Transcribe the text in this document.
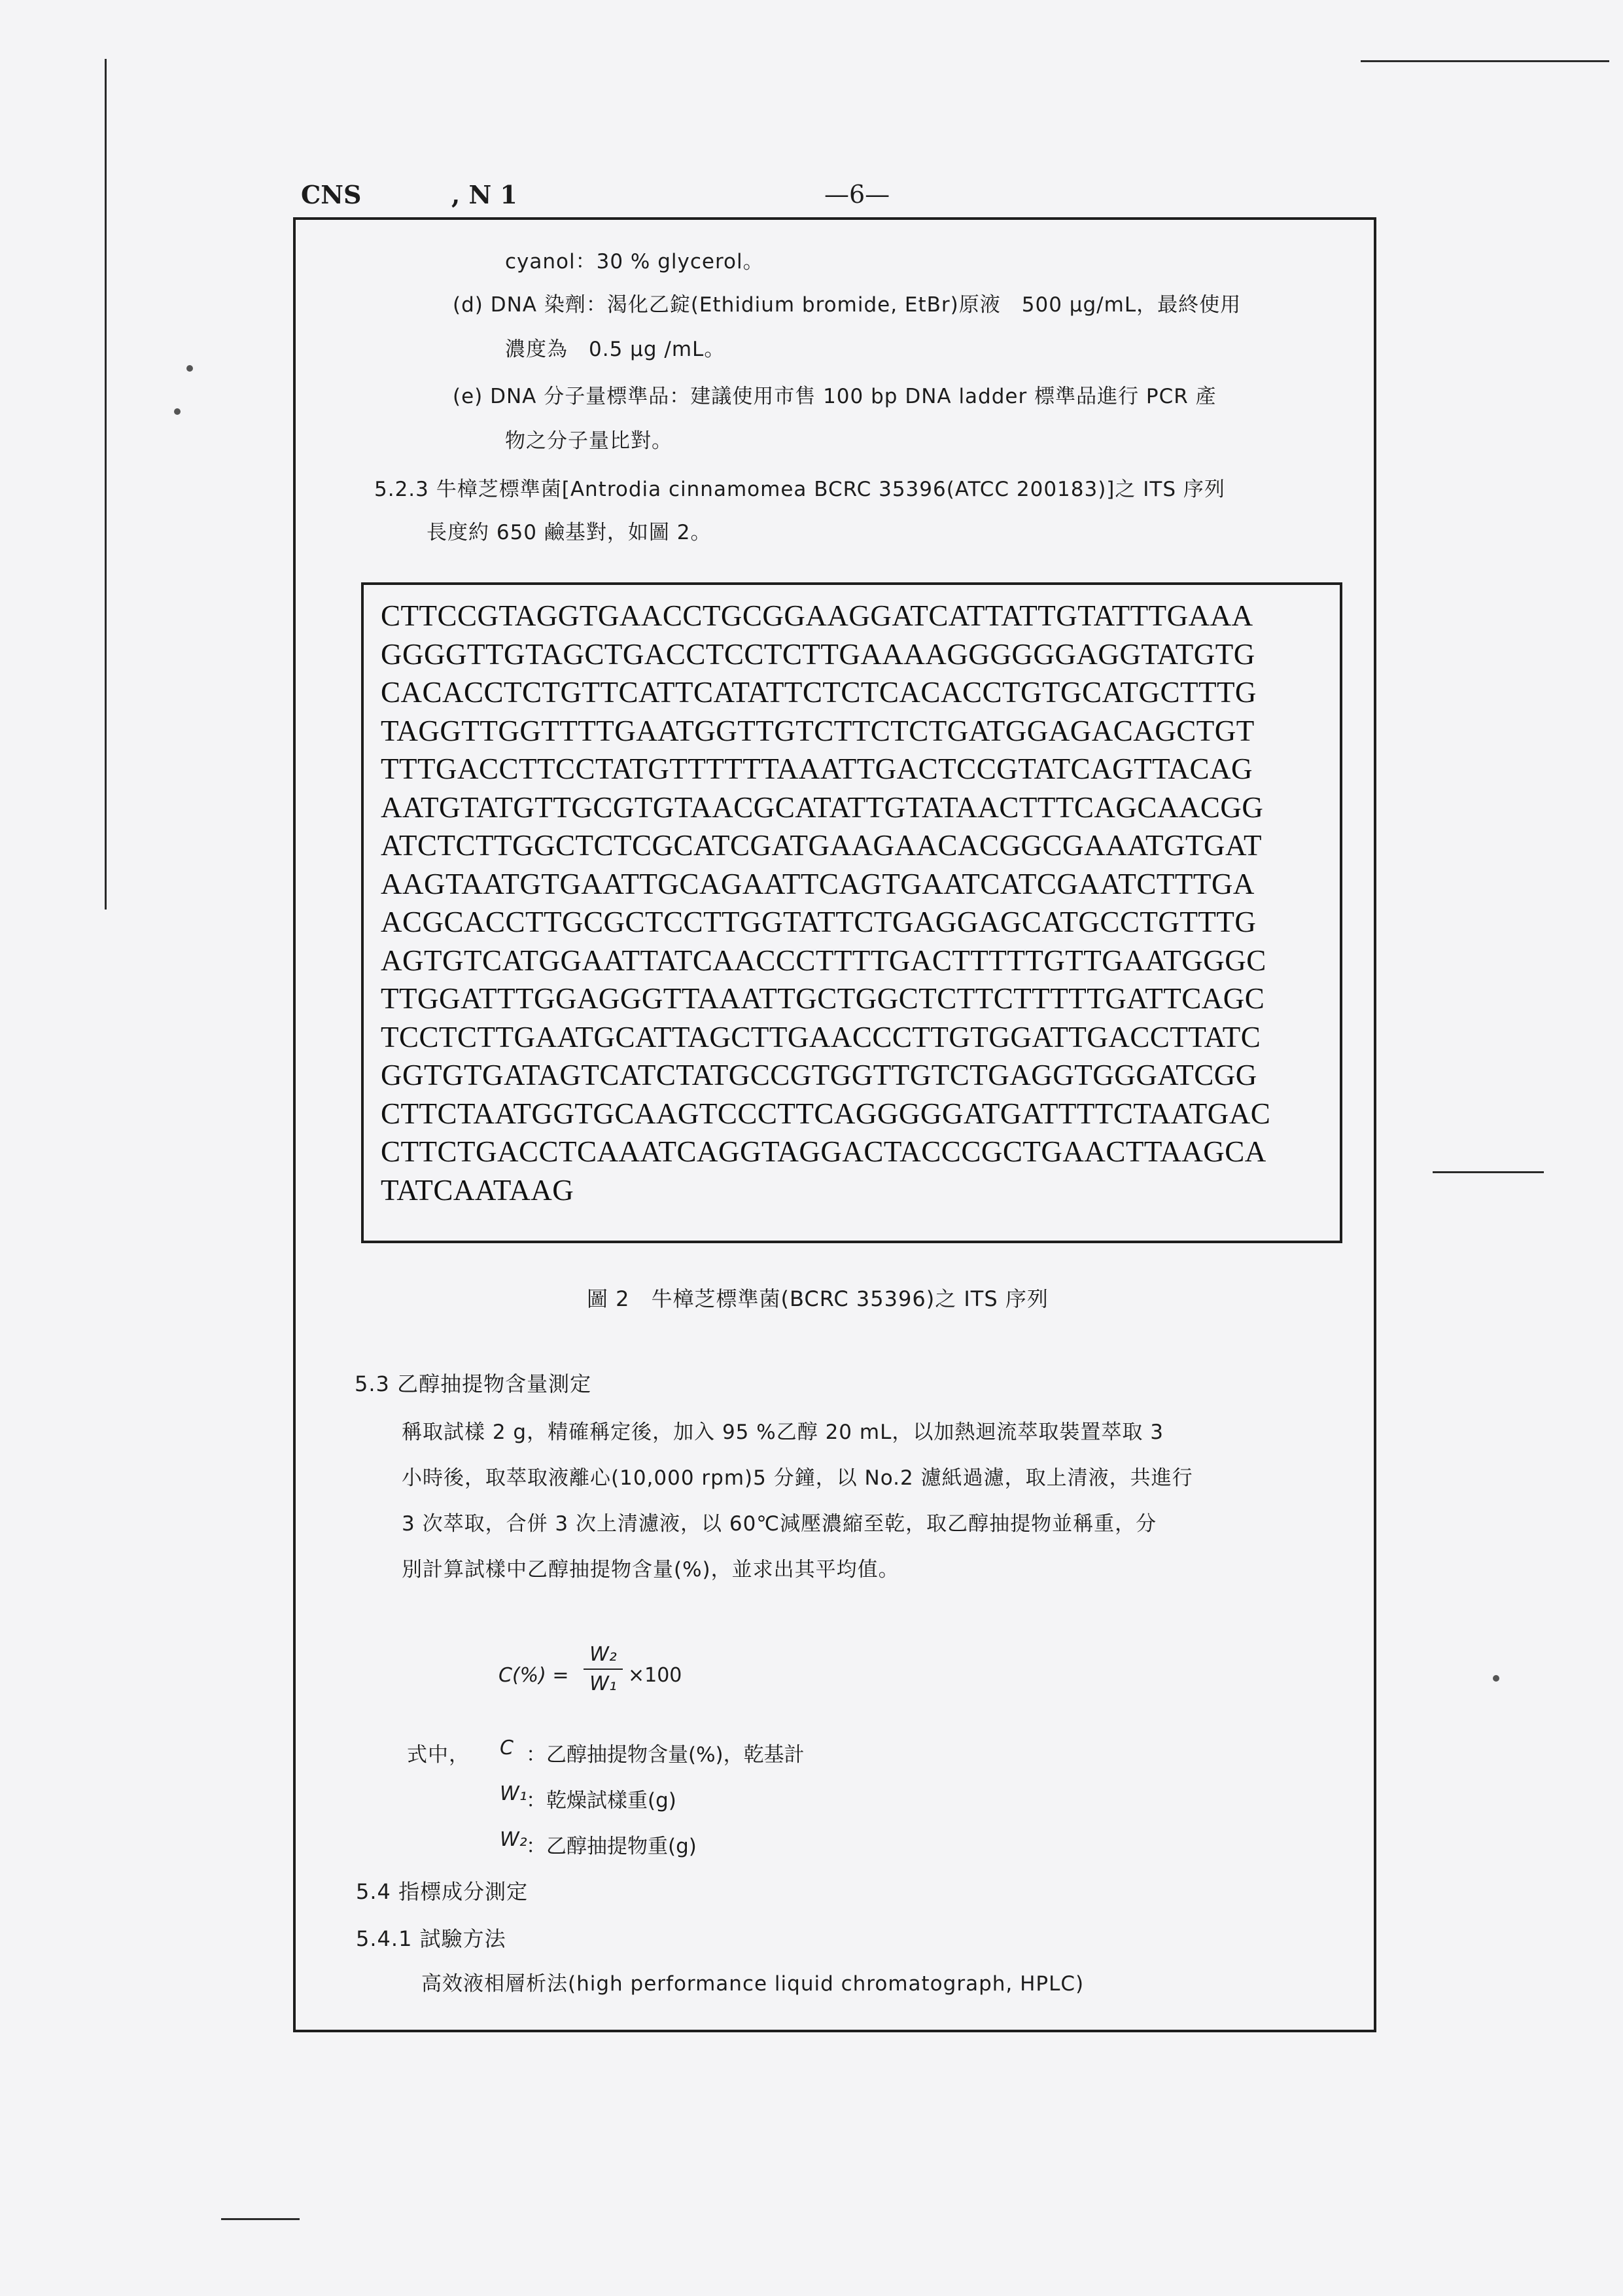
CNS	, N 1	—6—
cyanol：30 % glycerol。
(d) DNA 染劑：渴化乙錠(Ethidium bromide, EtBr)原液　500 μg/mL，最終使用
濃度為　0.5 μg /mL。
(e) DNA 分子量標準品：建議使用市售 100 bp DNA ladder 標準品進行 PCR 產
物之分子量比對。
5.2.3 牛樟芝標準菌[Antrodia cinnamomea BCRC 35396(ATCC 200183)]之 ITS 序列
長度約 650 鹼基對，如圖 2。
CTTCCGTAGGTGAACCTGCGGAAGGATCATTATTGTATTTGAAA
GGGGTTGTAGCTGACCTCCTCTTGAAAAGGGGGGAGGTATGTG
CACACCTCTGTTCATTCATATTCTCTCACACCTGTGCATGCTTTG
TAGGTTGGTTTTGAATGGTTGTCTTCTCTGATGGAGACAGCTGT
TTTGACCTTCCTATGTTTTTTAAATTGACTCCGTATCAGTTACAG
AATGTATGTTGCGTGTAACGCATATTGTATAACTTTCAGCAACGG
ATCTCTTGGCTCTCGCATCGATGAAGAACACGGCGAAATGTGAT
AAGTAATGTGAATTGCAGAATTCAGTGAATCATCGAATCTTTGA
ACGCACCTTGCGCTCCTTGGTATTCTGAGGAGCATGCCTGTTTG
AGTGTCATGGAATTATCAACCCTTTTGACTTTTTGTTGAATGGGC
TTGGATTTGGAGGGTTAAATTGCTGGCTCTTCTTTTTGATTCAGC
TCCTCTTGAATGCATTAGCTTGAACCCTTGTGGATTGACCTTATC
GGTGTGATAGTCATCTATGCCGTGGTTGTCTGAGGTGGGATCGG
CTTCTAATGGTGCAAGTCCCTTCAGGGGGATGATTTTCTAATGAC
CTTCTGACCTCAAATCAGGTAGGACTACCCGCTGAACTTAAGCA
TATCAATAAG
圖 2　牛樟芝標準菌(BCRC 35396)之 ITS 序列
5.3 乙醇抽提物含量測定
稱取試樣 2 g，精確稱定後，加入 95 %乙醇 20 mL，以加熱迴流萃取裝置萃取 3
小時後，取萃取液離心(10,000 rpm)5 分鐘，以 No.2 濾紙過濾，取上清液，共進行
3 次萃取，合併 3 次上清濾液，以 60℃減壓濃縮至乾，取乙醇抽提物並稱重，分
別計算試樣中乙醇抽提物含量(%)，並求出其平均值。
C(%) =
W₂
W₁ ×100
式中， C ：乙醇抽提物含量(%)，乾基計
W₁
：乾燥試樣重(g)
W₂
：乙醇抽提物重(g)
5.4 指標成分測定
5.4.1 試驗方法
高效液相層析法(high performance liquid chromatograph, HPLC)
